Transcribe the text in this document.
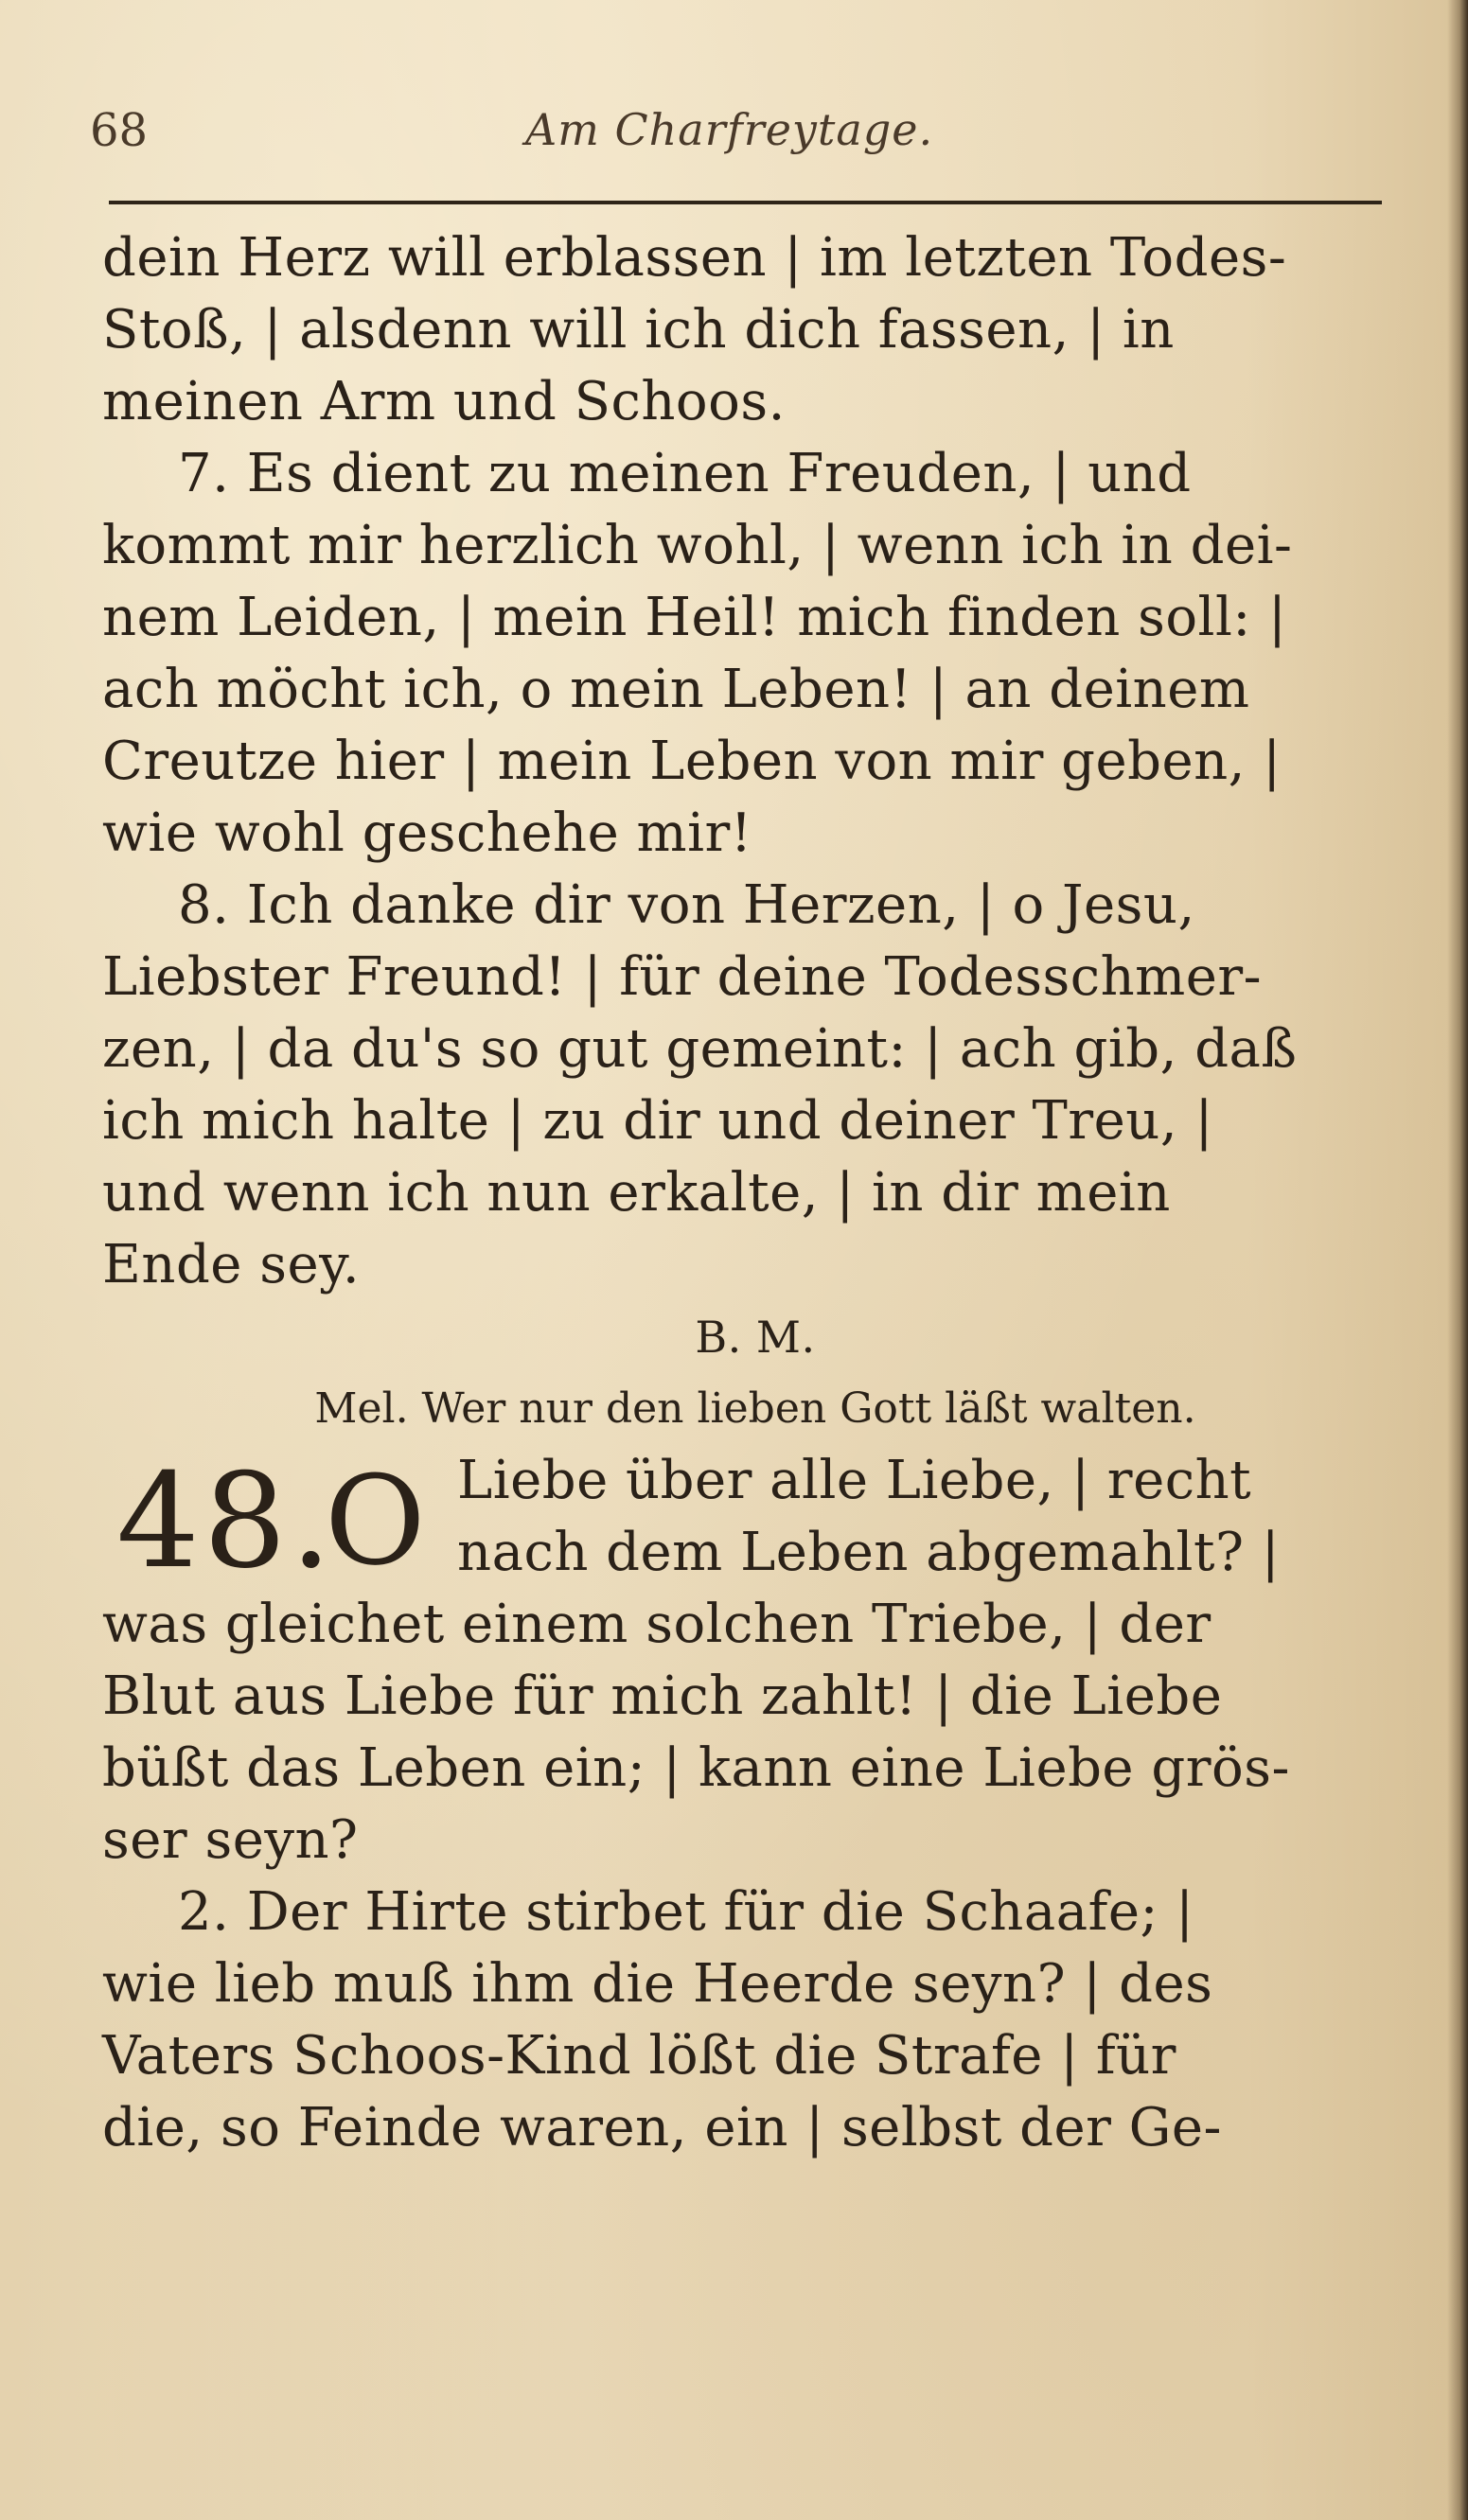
68	Am Charfreytage.
dein Herz will erblassen | im letzten Todes-
Stoß, | alsdenn will ich dich fassen, | in
meinen Arm und Schoos.
7. Es dient zu meinen Freuden, | und
kommt mir herzlich wohl, | wenn ich in dei-
nem Leiden, | mein Heil! mich finden soll: |
ach möcht ich, o mein Leben! | an deinem
Creutze hier | mein Leben von mir geben, |
wie wohl geschehe mir!
8. Ich danke dir von Herzen, | o Jesu,
Liebster Freund! | für deine Todesschmer-
zen, | da du's so gut gemeint: | ach gib, daß
ich mich halte | zu dir und deiner Treu, |
und wenn ich nun erkalte, | in dir mein
Ende sey.
B. M.
Mel. Wer nur den lieben Gott läßt walten.
48.
O Liebe über alle Liebe, | recht
nach dem Leben abgemahlt? |
was gleichet einem solchen Triebe, | der
Blut aus Liebe für mich zahlt! | die Liebe
büßt das Leben ein; | kann eine Liebe grös-
ser seyn?
2. Der Hirte stirbet für die Schaafe; |
wie lieb muß ihm die Heerde seyn? | des
Vaters Schoos-Kind lößt die Strafe | für
die, so Feinde waren, ein | selbst der Ge-
